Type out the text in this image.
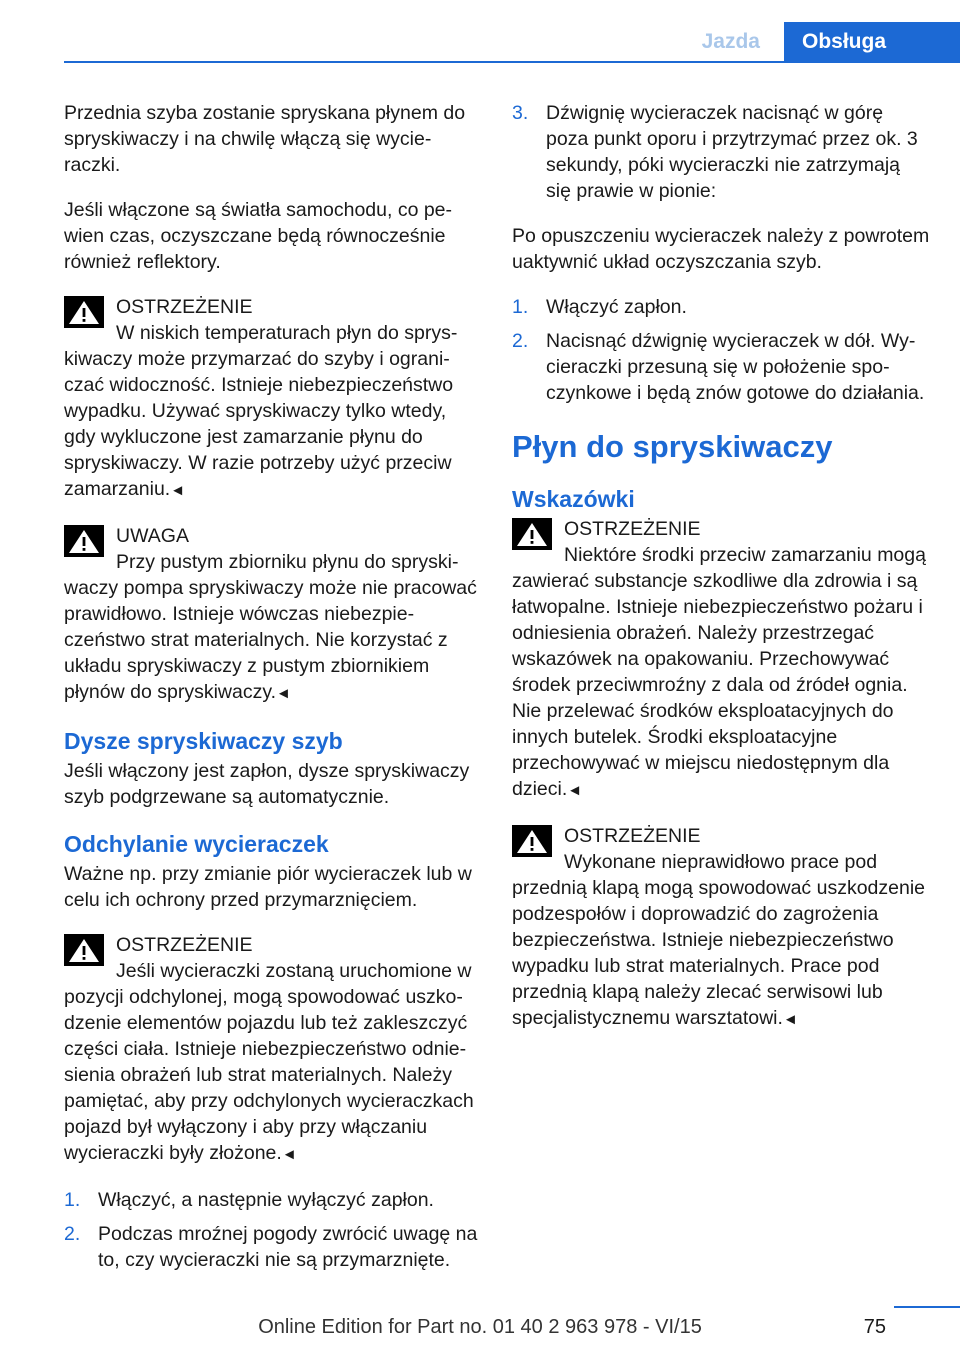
Jazda	Obsługa

Przednia szyba zostanie spryskana płynem do spryskiwaczy i na chwilę włączą się wycieraczki.

Jeśli włączone są światła samochodu, co pewien czas, oczyszczane będą równocześnie również reflektory.

OSTRZEŻENIE
W niskich temperaturach płyn do spryskiwaczy może przymarzać do szyby i ograniczać widoczność. Istnieje niebezpieczeństwo wypadku. Używać spryskiwaczy tylko wtedy, gdy wykluczone jest zamarzanie płynu do spryskiwaczy. W razie potrzeby użyć przeciw zamarzaniu.◄
UWAGA
Przy pustym zbiorniku płynu do spryskiwaczy pompa spryskiwaczy może nie pracować prawidłowo. Istnieje wówczas niebezpieczeństwo strat materialnych. Nie korzystać z układu spryskiwaczy z pustym zbiornikiem płynów do spryskiwaczy.◄
Dysze spryskiwaczy szyb

Jeśli włączony jest zapłon, dysze spryskiwaczy szyb podgrzewane są automatycznie.

Odchylanie wycieraczek

Ważne np. przy zmianie piór wycieraczek lub w celu ich ochrony przed przymarznięciem.

OSTRZEŻENIE
Jeśli wycieraczki zostaną uruchomione w pozycji odchylonej, mogą spowodować uszkodzenie elementów pojazdu lub też zakleszczyć części ciała. Istnieje niebezpieczeństwo odniesienia obrażeń lub strat materialnych. Należy pamiętać, aby przy odchylonych wycieraczkach pojazd był wyłączony i aby przy włączaniu wycieraczki były złożone.◄
1. Włączyć, a następnie wyłączyć zapłon.
2. Podczas mroźnej pogody zwrócić uwagę na to, czy wycieraczki nie są przymarznięte.
3. Dźwignię wycieraczek nacisnąć w górę poza punkt oporu i przytrzymać przez ok. 3 sekundy, póki wycieraczki nie zatrzymają się prawie w pionie:

Po opuszczeniu wycieraczek należy z powrotem uaktywnić układ oczyszczania szyb.

1. Włączyć zapłon.
2. Nacisnąć dźwignię wycieraczek w dół. Wycieraczki przesuną się w położenie spoczynkowe i będą znów gotowe do działania.
Płyn do spryskiwaczy
Wskazówki
OSTRZEŻENIE
Niektóre środki przeciw zamarzaniu mogą zawierać substancje szkodliwe dla zdrowia i są łatwopalne. Istnieje niebezpieczeństwo pożaru i odniesienia obrażeń. Należy przestrzegać wskazówek na opakowaniu. Przechowywać środek przeciwmroźny z dala od źródeł ognia. Nie przelewać środków eksploatacyjnych do innych butelek. Środki eksploatacyjne przechowywać w miejscu niedostępnym dla dzieci.◄
OSTRZEŻENIE
Wykonane nieprawidłowo prace pod przednią klapą mogą spowodować uszkodzenie podzespołów i doprowadzić do zagrożenia bezpieczeństwa. Istnieje niebezpieczeństwo wypadku lub strat materialnych. Prace pod przednią klapą należy zlecać serwisowi lub specjalistycznemu warsztatowi.◄
75
Online Edition for Part no. 01 40 2 963 978 - VI/15
